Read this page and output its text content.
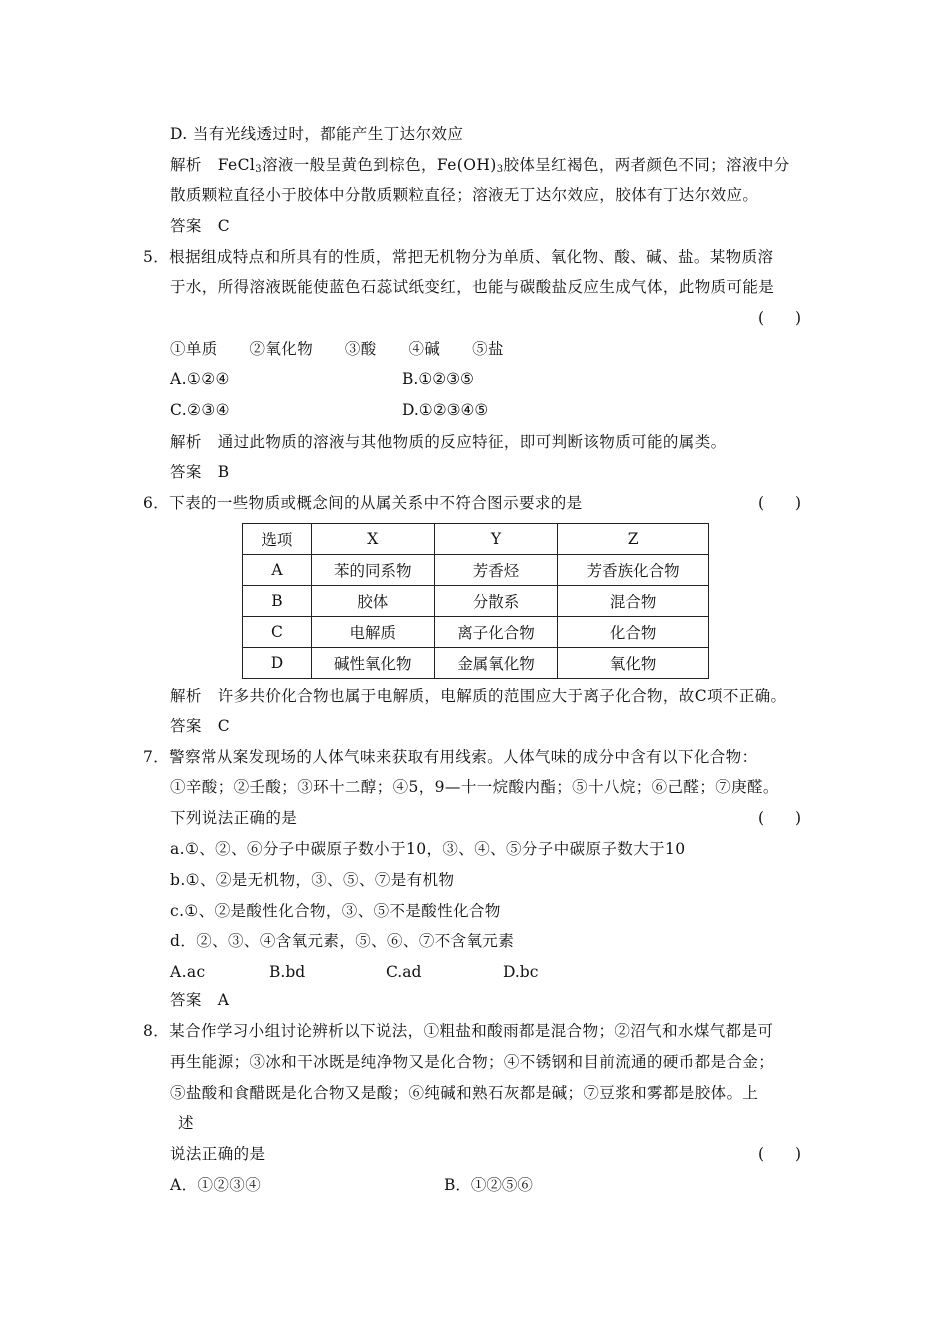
D. 当有光线透过时，都能产生丁达尔效应
解析　 FeCl$_3$溶液一般呈黄色到棕色，$Fe(OH)_3$胶体呈红褐色，两者颜色不同；溶液中分
散质颗粒直径小于胶体中分散质颗粒直径；溶液无丁达尔效应，胶体有丁达尔效应。
答案　C
5．根据组成特点和所具有的性质，常把无机物分为单质、氧化物、酸、碱、盐。某物质溶
于水，所得溶液既能使蓝色石蕊试纸变红，也能与碳酸盐反应生成气体，此物质可能是
(　　)
①单质　　②氧化物　　③酸　　④碱　　⑤盐
A.①②④	B.①②③⑤
C.②③④	D.①②③④⑤
解析　通过此物质的溶液与其他物质的反应特征，即可判断该物质可能的属类。
答案　B
6．下表的一些物质或概念间的从属关系中不符合图示要求的是	(　　)
选项	X	Y	Z
A	苯的同系物	芳香烃	芳香族化合物
B	胶体	分散系	混合物
C	电解质	离子化合物	化合物
D	碱性氧化物	金属氧化物	氧化物
解析　许多共价化合物也属于电解质，电解质的范围应大于离子化合物，故C项不正确。
答案　C
7．警察常从案发现场的人体气味来获取有用线索。人体气味的成分中含有以下化合物：
①辛酸；②壬酸；③环十二醇；④5，9—十一烷酸内酯；⑤十八烷；⑥己醛；⑦庚醛。
下列说法正确的是	(　　)
a.①、②、⑥分子中碳原子数小于10，③、④、⑤分子中碳原子数大于10
b.①、②是无机物，③、⑤、⑦是有机物
c.①、②是酸性化合物，③、⑤不是酸性化合物
d．②、③、④含氧元素，⑤、⑥、⑦不含氧元素
A.ac	B.bd	C.ad	D.bc
答案　A
8．某合作学习小组讨论辨析以下说法，①粗盐和酸雨都是混合物；②沼气和水煤气都是可
再生能源；③冰和干冰既是纯净物又是化合物；④不锈钢和目前流通的硬币都是合金；
⑤盐酸和食醋既是化合物又是酸；⑥纯碱和熟石灰都是碱；⑦豆浆和雾都是胶体。上
述
说法正确的是	(　　)
A．①②③④	B．①②⑤⑥
